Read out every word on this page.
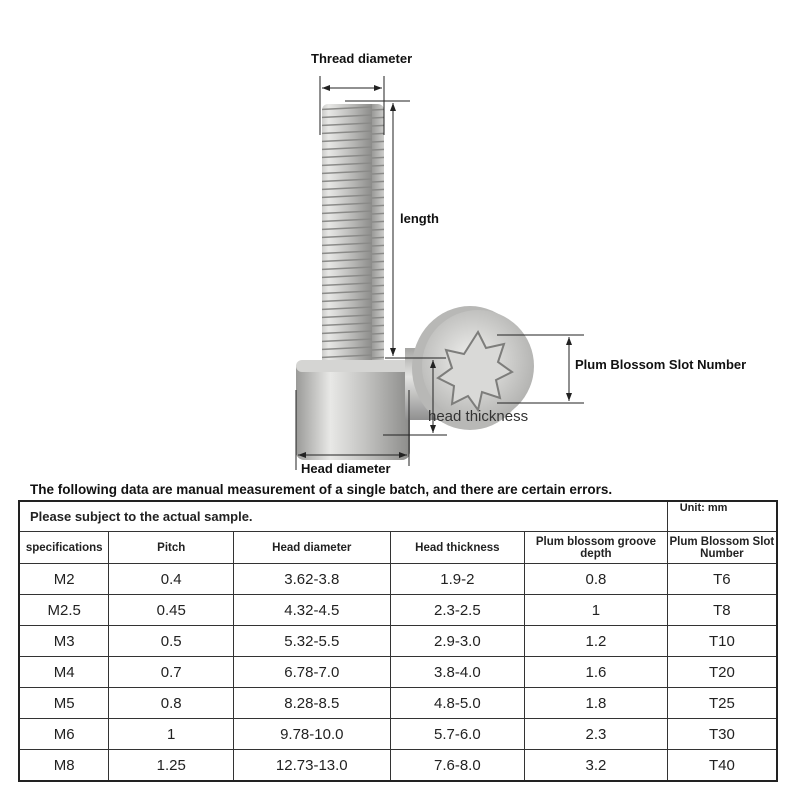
Thread diameter
length
Plum Blossom Slot Number
head thickness
Head diameter
The following data are manual measurement of a single batch, and there are certain errors.
Please subject to the actual sample.					Unit: mm
specifications	Pitch	Head diameter	Head thickness	Plum blossom groove depth	Plum Blossom Slot Number
M2	0.4	3.62-3.8	1.9-2	0.8	T6
M2.5	0.45	4.32-4.5	2.3-2.5	1	T8
M3	0.5	5.32-5.5	2.9-3.0	1.2	T10
M4	0.7	6.78-7.0	3.8-4.0	1.6	T20
M5	0.8	8.28-8.5	4.8-5.0	1.8	T25
M6	1	9.78-10.0	5.7-6.0	2.3	T30
M8	1.25	12.73-13.0	7.6-8.0	3.2	T40
